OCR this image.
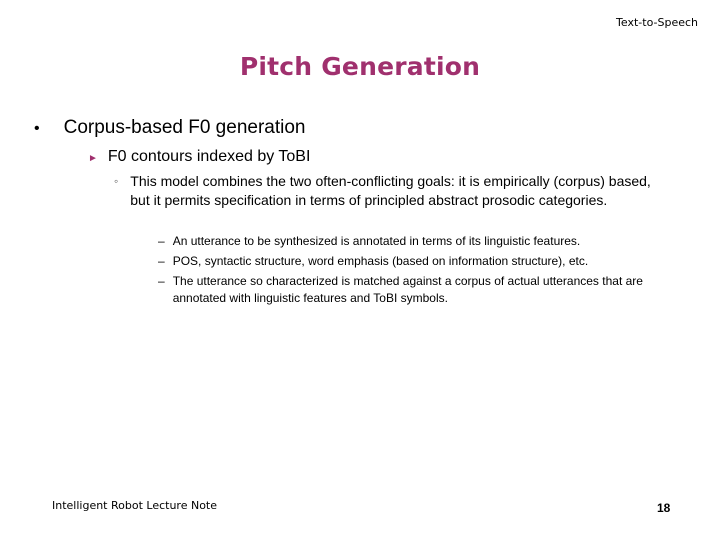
Text-to-Speech
Pitch Generation
• Corpus-based F0 generation
► F0 contours indexed by ToBI
◦ This model combines the two often-conflicting goals: it is empirically (corpus) based, but it permits specification in terms of principled abstract prosodic categories.
– An utterance to be synthesized is annotated in terms of its linguistic features.
– POS, syntactic structure, word emphasis (based on information structure), etc.
– The utterance so characterized is matched against a corpus of actual utterances that are annotated with linguistic features and ToBI symbols.
Intelligent Robot Lecture Note	18
